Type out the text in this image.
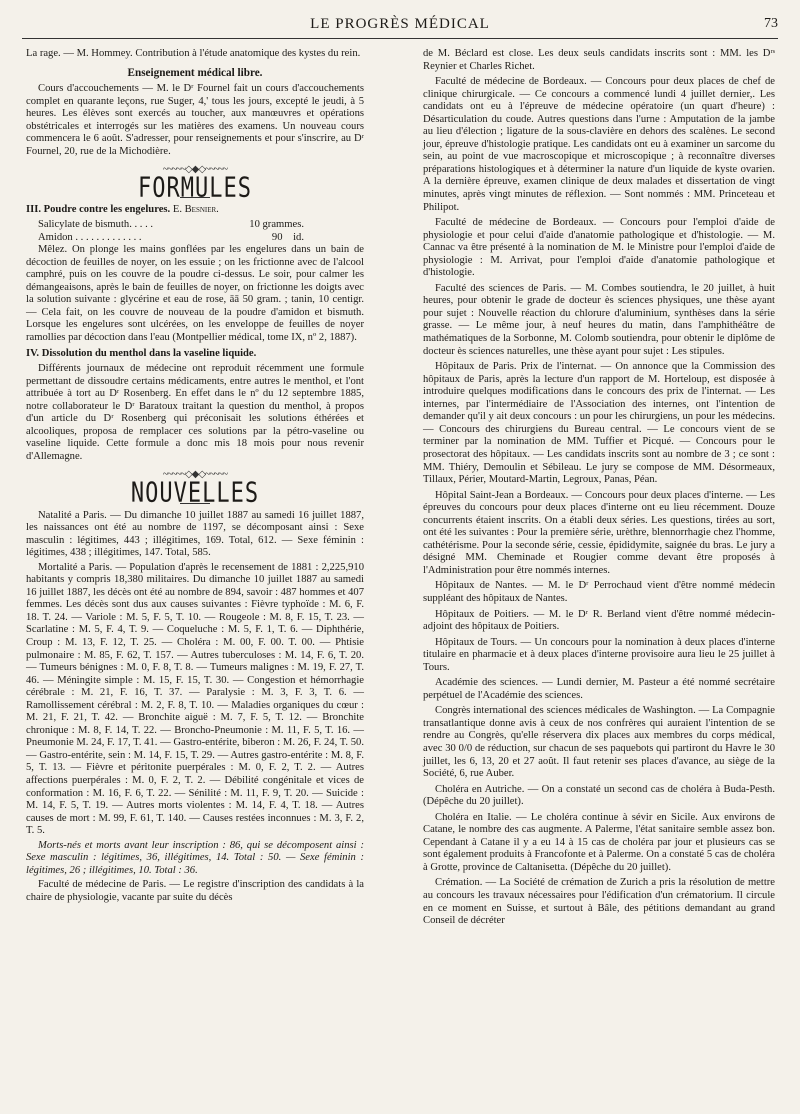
LE PROGRÈS MÉDICAL	73

La rage. — M. Hommey. Contribution à l'étude anatomique des kystes du rein.

Enseignement médical libre.

Cours d'accouchements — M. le Dʳ Fournel fait un cours d'accouchements complet en quarante leçons, rue Suger, 4,' tous les jours, excepté le jeudi, à 5 heures. Les élèves sont exercés au toucher, aux manœuvres et opérations obstétricales et interrogés sur les matières des examens. Un nouveau cours commencera le 6 août. S'adresser, pour renseignements et pour s'inscrire, au Dʳ Fournel, 20, rue de la Michodière.

~~~~~◇◆◇~~~~~
FORMULES
III. Poudre contre les engelures. E. Besnier.
Salicylate de bismuth. . . . .	10 grammes.
Amidon . . . . . . . . . . . . .	90    id.

Mêlez. On plonge les mains gonflées par les engelures dans un bain de décoction de feuilles de noyer, on les essuie ; on les frictionne avec de l'alcool camphré, puis on les couvre de la poudre ci-dessus. Le soir, pour calmer les démangeaisons, après le bain de feuilles de noyer, on frictionne les doigts avec la solution suivante : glycérine et eau de rose, āā 50 gram. ; tanin, 10 centigr. — Cela fait, on les couvre de nouveau de la poudre d'amidon et bismuth. Lorsque les engelures sont ulcérées, on les enveloppe de feuilles de noyer ramollies par décoction dans l'eau (Montpellier médical, tome IX, nº 2, 1887).

IV. Dissolution du menthol dans la vaseline liquide.

Différents journaux de médecine ont reproduit récemment une formule permettant de dissoudre certains médicaments, entre autres le menthol, et l'ont attribuée à tort au Dʳ Rosenberg. En effet dans le nº du 12 septembre 1885, notre collaborateur le Dʳ Baratoux traitant la question du menthol, à propos d'un article du Dʳ Rosenberg qui préconisait les solutions éthérées et alcooliques, proposa de remplacer ces solutions par la pétro-vaseline ou vaseline liquide. Cette formule a donc mis 18 mois pour nous revenir d'Allemagne.

~~~~~◇◆◇~~~~~
NOUVELLES

Natalité a Paris. — Du dimanche 10 juillet 1887 au samedi 16 juillet 1887, les naissances ont été au nombre de 1197, se décomposant ainsi : Sexe masculin : légitimes, 443 ; illégitimes, 169. Total, 612. — Sexe féminin : légitimes, 438 ; illégitimes, 147. Total, 585.

Mortalité a Paris. — Population d'après le recensement de 1881 : 2,225,910 habitants y compris 18,380 militaires. Du dimanche 10 juillet 1887 au samedi 16 juillet 1887, les décès ont été au nombre de 894, savoir : 487 hommes et 407 femmes. Les décès sont dus aux causes suivantes : Fièvre typhoïde : M. 6, F. 18. T. 24. — Variole : M. 5, F. 5, T. 10. — Rougeole : M. 8, F. 15, T. 23. — Scarlatine : M. 5, F. 4, T. 9. — Coqueluche : M. 5, F. 1, T. 6. — Diphthérie, Croup : M. 13, F. 12, T. 25. — Choléra : M. 00, F. 00. T. 00. — Phtisie pulmonaire : M. 85, F. 62, T. 157. — Autres tuberculoses : M. 14, F. 6, T. 20. — Tumeurs bénignes : M. 0, F. 8, T. 8. — Tumeurs malignes : M. 19, F. 27, T. 46. — Méningite simple : M. 15, F. 15, T. 30. — Congestion et hémorrhagie cérébrale : M. 21, F. 16, T. 37. — Paralysie : M. 3, F. 3, T. 6. — Ramollissement cérébral : M. 2, F. 8, T. 10. — Maladies organiques du cœur : M. 21, F. 21, T. 42. — Bronchite aiguë : M. 7, F. 5, T. 12. — Bronchite chronique : M. 8, F. 14, T. 22. — Broncho-Pneumonie : M. 11, F. 5, T. 16. — Pneumonie M. 24, F. 17, T. 41. — Gastro-entérite, biberon : M. 26, F. 24, T. 50. — Gastro-entérite, sein : M. 14, F. 15, T. 29. — Autres gastro-entérite : M. 8, F. 5, T. 13. — Fièvre et péritonite puerpérales : M. 0, F. 2, T. 2. — Autres affections puerpérales : M. 0, F. 2, T. 2. — Débilité congénitale et vices de conformation : M. 16, F. 6, T. 22. — Sénilité : M. 11, F. 9, T. 20. — Suicide : M. 14, F. 5, T. 19. — Autres morts violentes : M. 14, F. 4, T. 18. — Autres causes de mort : M. 99, F. 61, T. 140. — Causes restées inconnues : M. 3, F. 2, T. 5.

Morts-nés et morts avant leur inscription : 86, qui se décomposent ainsi : Sexe masculin : légitimes, 36, illégitimes, 14. Total : 50. — Sexe féminin : légitimes, 26 ; illégitimes, 10. Total : 36.

Faculté de médecine de Paris. — Le registre d'inscription des candidats à la chaire de physiologie, vacante par suite du décès

de M. Béclard est close. Les deux seuls candidats inscrits sont : MM. les Dʳˢ Reynier et Charles Richet.

Faculté de médecine de Bordeaux. — Concours pour deux places de chef de clinique chirurgicale. — Ce concours a commencé lundi 4 juillet dernier,. Les candidats ont eu à l'épreuve de médecine opératoire (un quart d'heure) : Désarticulation du coude. Autres questions dans l'urne : Amputation de la jambe au lieu d'élection ; ligature de la sous-clavière en dehors des scalènes. Le second jour, épreuve d'histologie pratique. Les candidats ont eu à examiner un sarcome du sein, au point de vue macroscopique et microscopique ; à reconnaître diverses préparations histologiques et à déterminer la nature d'un liquide de kyste ovarien. A la dernière épreuve, examen clinique de deux malades et dissertation de vingt minutes, après vingt minutes de réflexion. — Sont nommés : MM. Princeteau et Philipot.

Faculté de médecine de Bordeaux. — Concours pour l'emploi d'aide de physiologie et pour celui d'aide d'anatomie pathologique et d'histologie. — M. Cannac va être présenté à la nomination de M. le Ministre pour l'emploi d'aide de physiologie : M. Arrivat, pour l'emploi d'aide d'anatomie pathologique et d'histologie.

Faculté des sciences de Paris. — M. Combes soutiendra, le 20 juillet, à huit heures, pour obtenir le grade de docteur ès sciences physiques, une thèse ayant pour sujet : Nouvelle réaction du chlorure d'aluminium, synthèses dans la série grasse. — Le même jour, à neuf heures du matin, dans l'amphithéâtre de mathématiques de la Sorbonne, M. Colomb soutiendra, pour obtenir le diplôme de docteur ès sciences naturelles, une thèse ayant pour sujet : Les stipules.

Hôpitaux de Paris. Prix de l'internat. — On annonce que la Commission des hôpitaux de Paris, après la lecture d'un rapport de M. Horteloup, est disposée à introduire quelques modifications dans le concours des prix de l'internat. — Les internes, par l'intermédiaire de l'Association des internes, ont l'intention de demander qu'il y ait deux concours : un pour les chirurgiens, un pour les médecins. — Concours des chirurgiens du Bureau central. — Le concours vient de se terminer par la nomination de MM. Tuffier et Picqué. — Concours pour le prosectorat des hôpitaux. — Les candidats inscrits sont au nombre de 3 ; ce sont : MM. Thiéry, Demoulin et Sébileau. Le jury se compose de MM. Désormeaux, Tillaux, Périer, Moutard-Martin, Legroux, Panas, Péan.

Hôpital Saint-Jean a Bordeaux. — Concours pour deux places d'interne. — Les épreuves du concours pour deux places d'interne ont eu lieu récemment. Douze concurrents étaient inscrits. On a établi deux séries. Les questions, tirées au sort, ont été les suivantes : Pour la première série, urèthre, blennorrhagie chez l'homme, cathétérisme. Pour la seconde série, cessie, épididymite, saignée du bras. Le jury a désigné MM. Cheminade et Rougier comme devant être proposés à l'Administration pour être nommés internes.

Hôpitaux de Nantes. — M. le Dʳ Perrochaud vient d'être nommé médecin suppléant des hôpitaux de Nantes.

Hôpitaux de Poitiers. — M. le Dʳ R. Berland vient d'être nommé médecin-adjoint des hôpitaux de Poitiers.

Hôpitaux de Tours. — Un concours pour la nomination à deux places d'interne titulaire en pharmacie et à deux places d'interne provisoire aura lieu le 25 juillet à Tours.

Académie des sciences. — Lundi dernier, M. Pasteur a été nommé secrétaire perpétuel de l'Académie des sciences.

Congrès international des sciences médicales de Washington. — La Compagnie transatlantique donne avis à ceux de nos confrères qui auraient l'intention de se rendre au Congrès, qu'elle réservera dix places aux membres du corps médical, avec 30 0/0 de réduction, sur chacun de ses paquebots qui partiront du Havre le 30 juillet, les 6, 13, 20 et 27 août. Il faut retenir ses places d'avance, au siège de la Société, 6, rue Auber.

Choléra en Autriche. — On a constaté un second cas de choléra à Buda-Pesth. (Dépêche du 20 juillet).

Choléra en Italie. — Le choléra continue à sévir en Sicile. Aux environs de Catane, le nombre des cas augmente. A Palerme, l'état sanitaire semble assez bon. Cependant à Catane il y a eu 14 à 15 cas de choléra par jour et plusieurs cas se sont également produits à Francofonte et à Palerme. On a constaté 5 cas de choléra à Grotte, province de Caltanisetta. (Dépêche du 20 juillet).

Crémation. — La Société de crémation de Zurich a pris la résolution de mettre au concours les travaux nécessaires pour l'édification d'un crématorium. Il circule en ce moment en Suisse, et surtout à Bâle, des pétitions demandant au grand Conseil de décréter
